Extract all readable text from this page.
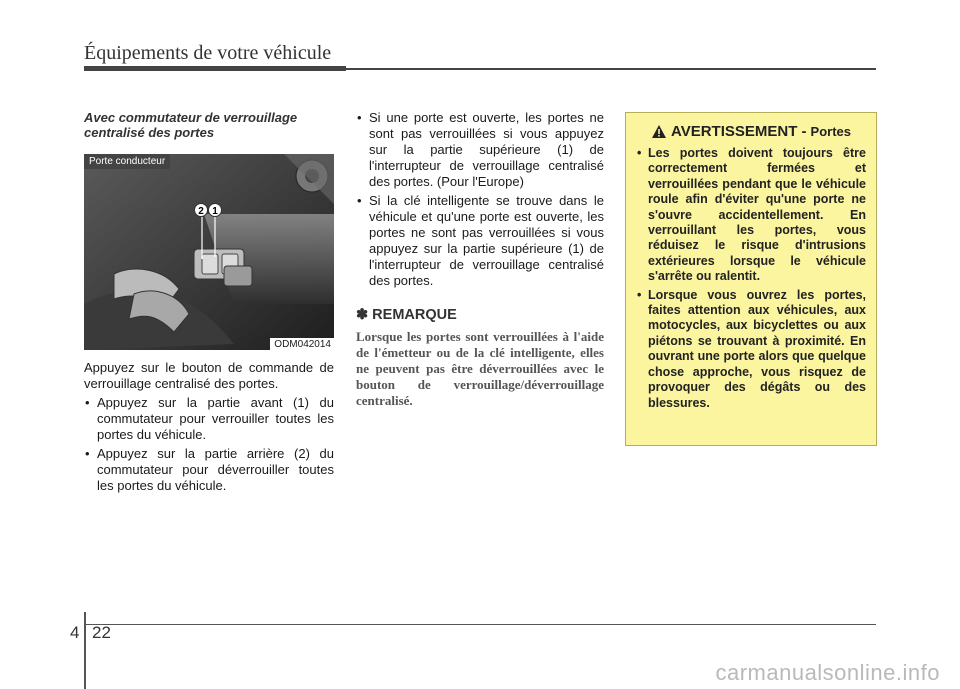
Équipements de votre véhicule
Avec commutateur de verrouillage centralisé des portes
Porte conducteur
2 1
ODM042014
Appuyez sur le bouton de commande de verrouillage centralisé des portes.
• Appuyez sur la partie avant (1) du commutateur pour verrouiller toutes les portes du véhicule.
• Appuyez sur la partie arrière (2) du commutateur pour déverrouiller toutes les portes du véhicule.
• Si une porte est ouverte, les portes ne sont pas verrouillées si vous appuyez sur la partie supérieure (1) de l'interrupteur de verrouillage centralisé des portes. (Pour l'Europe)
• Si la clé intelligente se trouve dans le véhicule et qu'une porte est ouverte, les portes ne sont pas verrouillées si vous appuyez sur la partie supérieure (1) de l'interrupteur de verrouillage centralisé des portes.
✽ REMARQUE
Lorsque les portes sont verrouillées à l'aide de l'émetteur ou de la clé intelligente, elles ne peuvent pas être déverrouillées avec le bouton de verrouillage/déverrouillage centralisé.
AVERTISSEMENT - Portes
• Les portes doivent toujours être correctement fermées et verrouillées pendant que le véhicule roule afin d'éviter qu'une porte ne s'ouvre accidentellement. En verrouillant les portes, vous réduisez le risque d'intrusions extérieures lorsque le véhicule s'arrête ou ralentit.
• Lorsque vous ouvrez les portes, faites attention aux véhicules, aux motocycles, aux bicyclettes ou aux piétons se trouvant à proximité. En ouvrant une porte alors que quelque chose approche, vous risquez de provoquer des dégâts ou des blessures.
4 22
carmanualsonline.info
